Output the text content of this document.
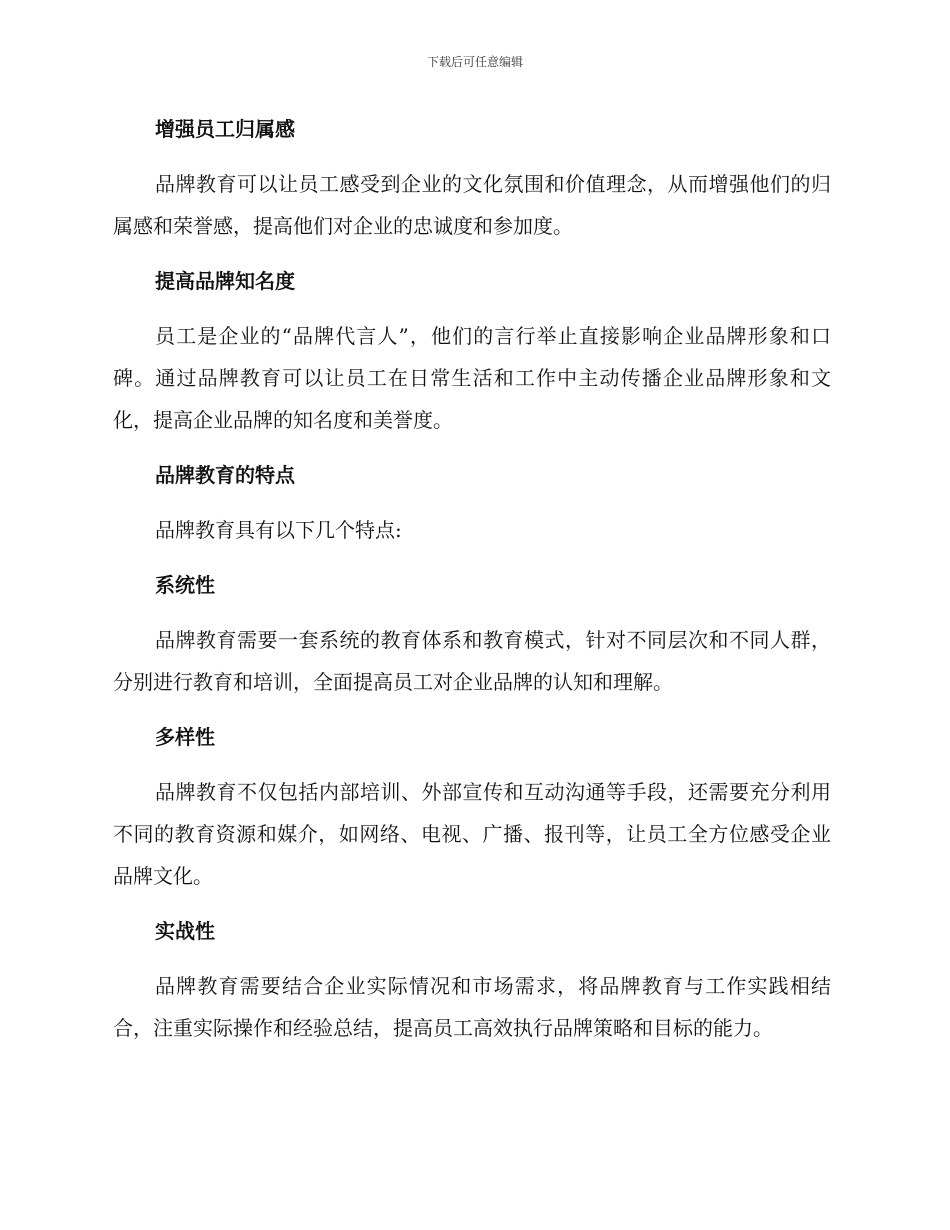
下载后可任意编辑
增强员工归属感
品牌教育可以让员工感受到企业的文化氛围和价值理念，从而增强他们的归属感和荣誉感，提高他们对企业的忠诚度和参加度。
提高品牌知名度
员工是企业的“品牌代言人”，他们的言行举止直接影响企业品牌形象和口碑。通过品牌教育可以让员工在日常生活和工作中主动传播企业品牌形象和文化，提高企业品牌的知名度和美誉度。
品牌教育的特点
品牌教育具有以下几个特点:
系统性
品牌教育需要一套系统的教育体系和教育模式，针对不同层次和不同人群，分别进行教育和培训，全面提高员工对企业品牌的认知和理解。
多样性
品牌教育不仅包括内部培训、外部宣传和互动沟通等手段，还需要充分利用不同的教育资源和媒介，如网络、电视、广播、报刊等，让员工全方位感受企业品牌文化。
实战性
品牌教育需要结合企业实际情况和市场需求，将品牌教育与工作实践相结合，注重实际操作和经验总结，提高员工高效执行品牌策略和目标的能力。
